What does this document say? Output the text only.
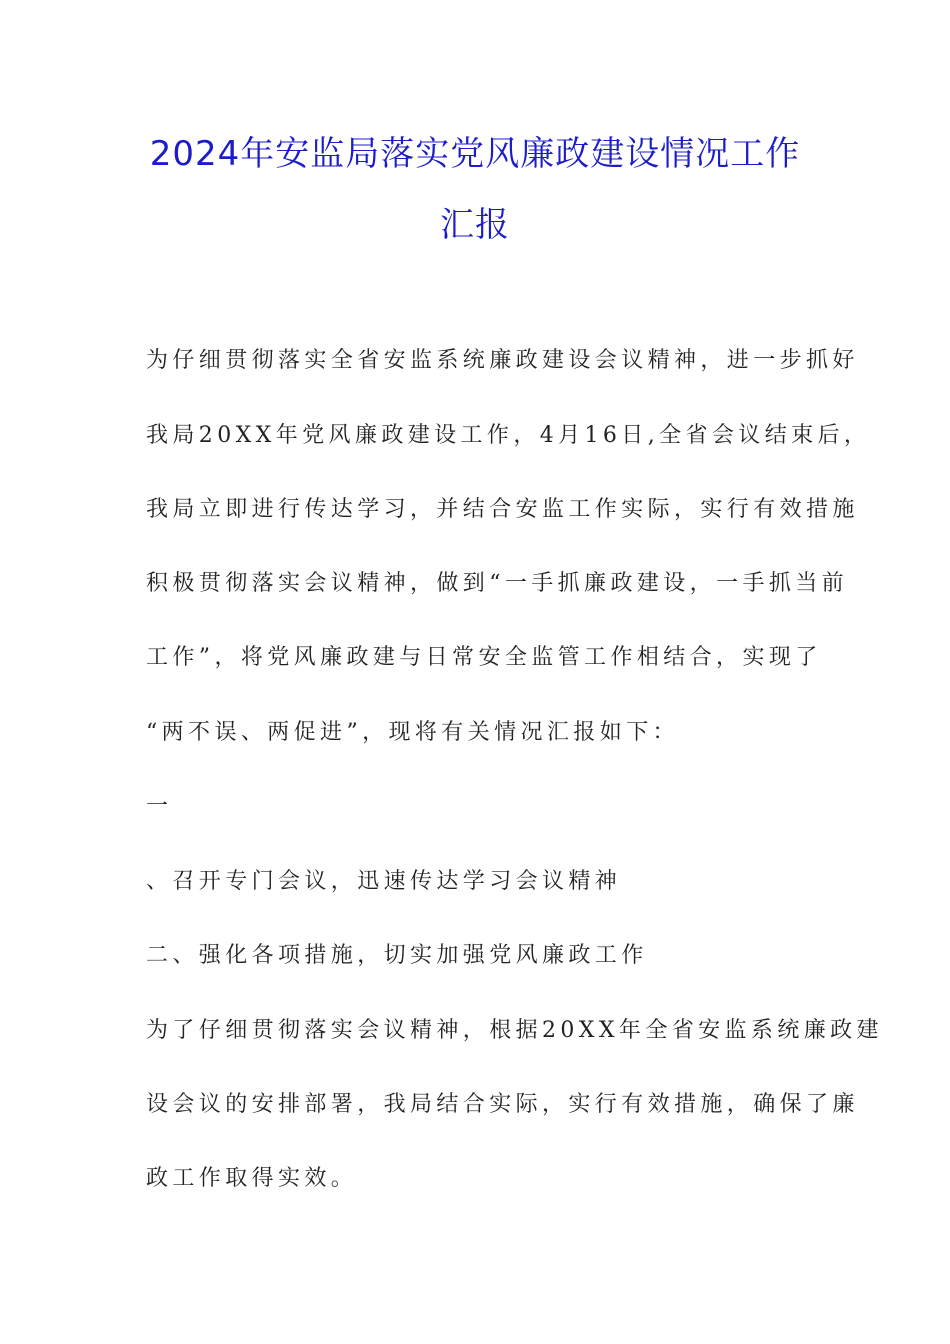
2024年安监局落实党风廉政建设情况工作
汇报
为仔细贯彻落实全省安监系统廉政建设会议精神，进一步抓好
我局20XX年党风廉政建设工作，4月16日,全省会议结束后，
我局立即进行传达学习，并结合安监工作实际，实行有效措施
积极贯彻落实会议精神，做到“一手抓廉政建设，一手抓当前
工作”，将党风廉政建与日常安全监管工作相结合，实现了
“两不误、两促进”，现将有关情况汇报如下：
一
、召开专门会议，迅速传达学习会议精神
二、强化各项措施，切实加强党风廉政工作
为了仔细贯彻落实会议精神，根据20XX年全省安监系统廉政建
设会议的安排部署，我局结合实际，实行有效措施，确保了廉
政工作取得实效。
